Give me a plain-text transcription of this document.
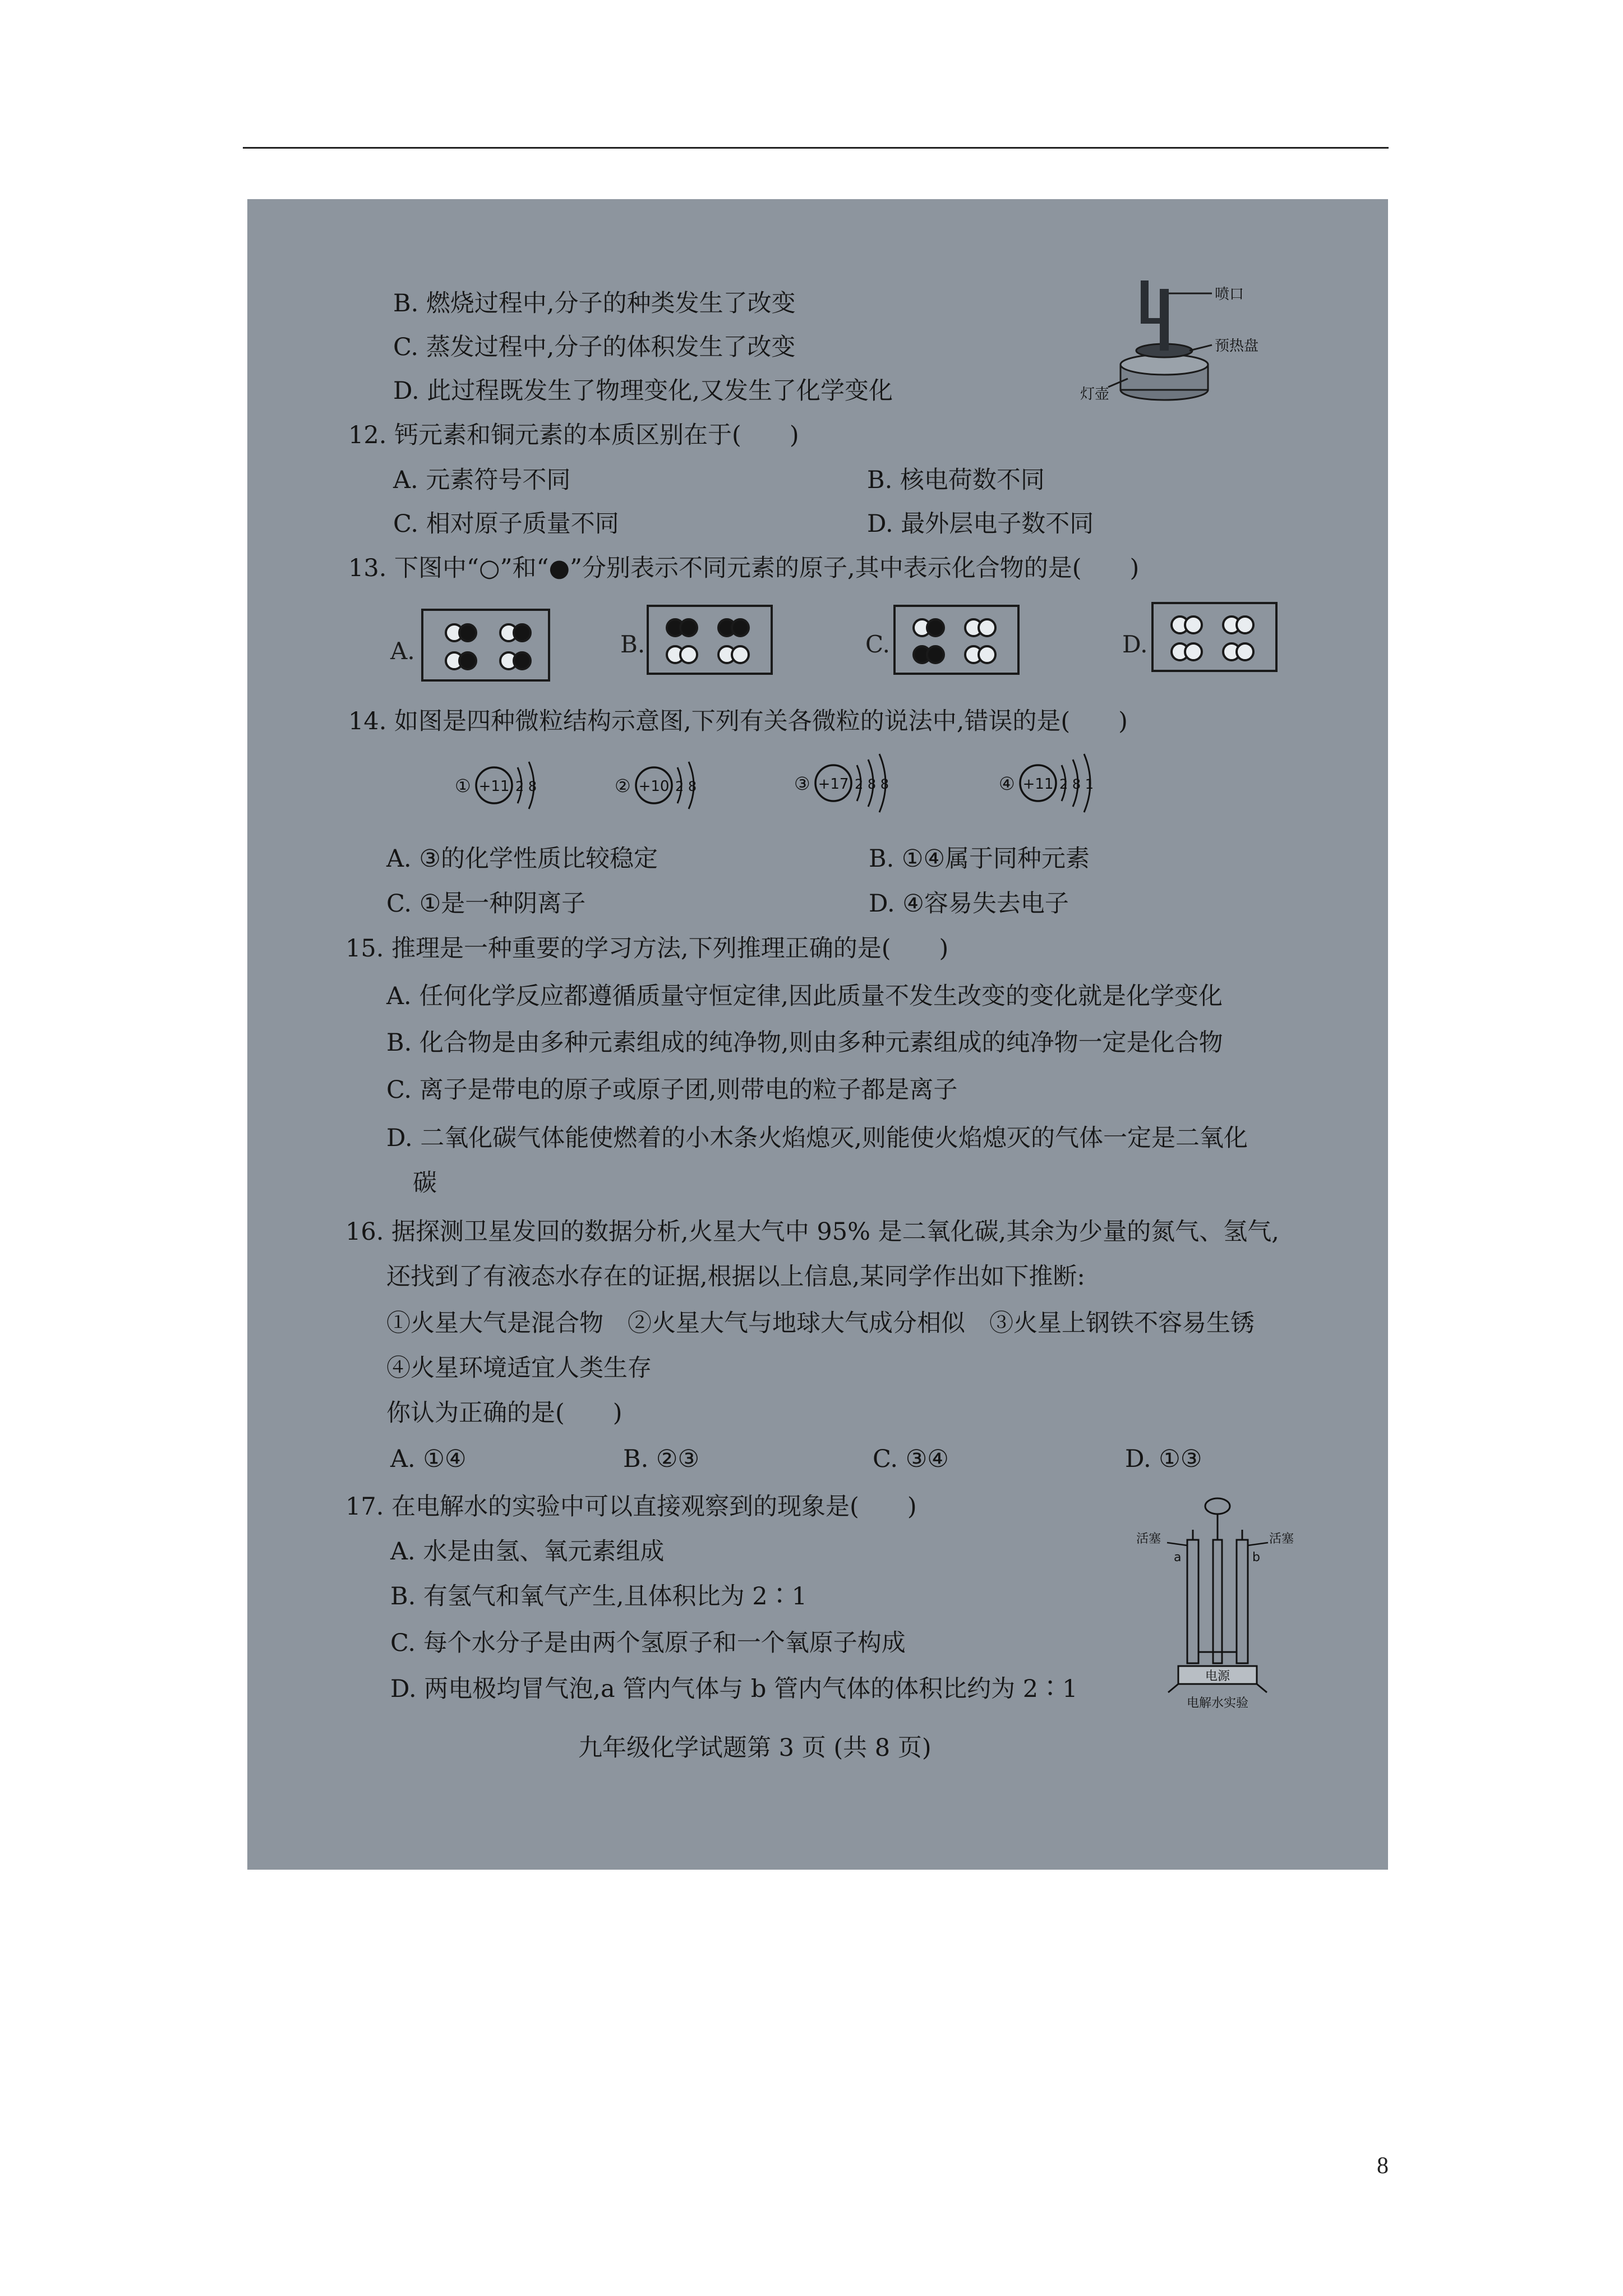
B. 燃烧过程中,分子的种类发生了改变
C. 蒸发过程中,分子的体积发生了改变
D. 此过程既发生了物理变化,又发生了化学变化
喷口
预热盘
灯壶
12. 钙元素和铜元素的本质区别在于(　　)
A. 元素符号不同	B. 核电荷数不同
C. 相对原子质量不同	D. 最外层电子数不同
13. 下图中“○”和“●”分别表示不同元素的原子,其中表示化合物的是(　　)
A.	B.	C.	D.
14. 如图是四种微粒结构示意图,下列有关各微粒的说法中,错误的是(　　)
① +11 2 8	② +10 2 8	③ +17 2 8 8	④ +11 2 8 1
A. ③的化学性质比较稳定	B. ①④属于同种元素
C. ①是一种阴离子	D. ④容易失去电子
15. 推理是一种重要的学习方法,下列推理正确的是(　　)
A. 任何化学反应都遵循质量守恒定律,因此质量不发生改变的变化就是化学变化
B. 化合物是由多种元素组成的纯净物,则由多种元素组成的纯净物一定是化合物
C. 离子是带电的原子或原子团,则带电的粒子都是离子
D. 二氧化碳气体能使燃着的小木条火焰熄灭,则能使火焰熄灭的气体一定是二氧化
碳
16. 据探测卫星发回的数据分析,火星大气中 95% 是二氧化碳,其余为少量的氮气、氢气,
还找到了有液态水存在的证据,根据以上信息,某同学作出如下推断:
①火星大气是混合物　②火星大气与地球大气成分相似　③火星上钢铁不容易生锈
④火星环境适宜人类生存
你认为正确的是(　　)
A. ①④	B. ②③	C. ③④	D. ①③
17. 在电解水的实验中可以直接观察到的现象是(　　)
A. 水是由氢、氧元素组成
B. 有氢气和氧气产生,且体积比为 2∶1
C. 每个水分子是由两个氢原子和一个氧原子构成
D. 两电极均冒气泡,a 管内气体与 b 管内气体的体积比约为 2∶1
活塞	活塞
a	b
电源
电解水实验
九年级化学试题第 3 页 (共 8 页)
8
